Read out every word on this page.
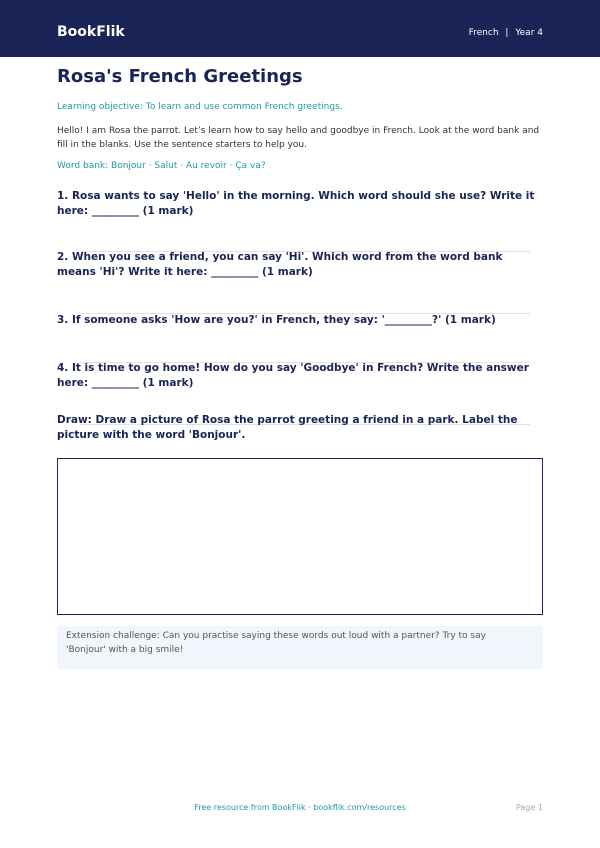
BookFlik	French | Year 4
Rosa's French Greetings
Learning objective: To learn and use common French greetings.
Hello! I am Rosa the parrot. Let’s learn how to say hello and goodbye in French. Look at the word bank and fill in the blanks. Use the sentence starters to help you.
Word bank: Bonjour · Salut · Au revoir · Ça va?
1. Rosa wants to say 'Hello' in the morning. Which word should she use? Write it here: _________ (1 mark)
2. When you see a friend, you can say 'Hi'. Which word from the word bank means 'Hi'? Write it here: _________ (1 mark)
3. If someone asks 'How are you?' in French, they say: '_________?' (1 mark)
4. It is time to go home! How do you say 'Goodbye' in French? Write the answer here: _________ (1 mark)
Draw: Draw a picture of Rosa the parrot greeting a friend in a park. Label the picture with the word 'Bonjour'.
Extension challenge: Can you practise saying these words out loud with a partner? Try to say 'Bonjour' with a big smile!
Free resource from BookFlik · bookflik.com/resources	Page 1
